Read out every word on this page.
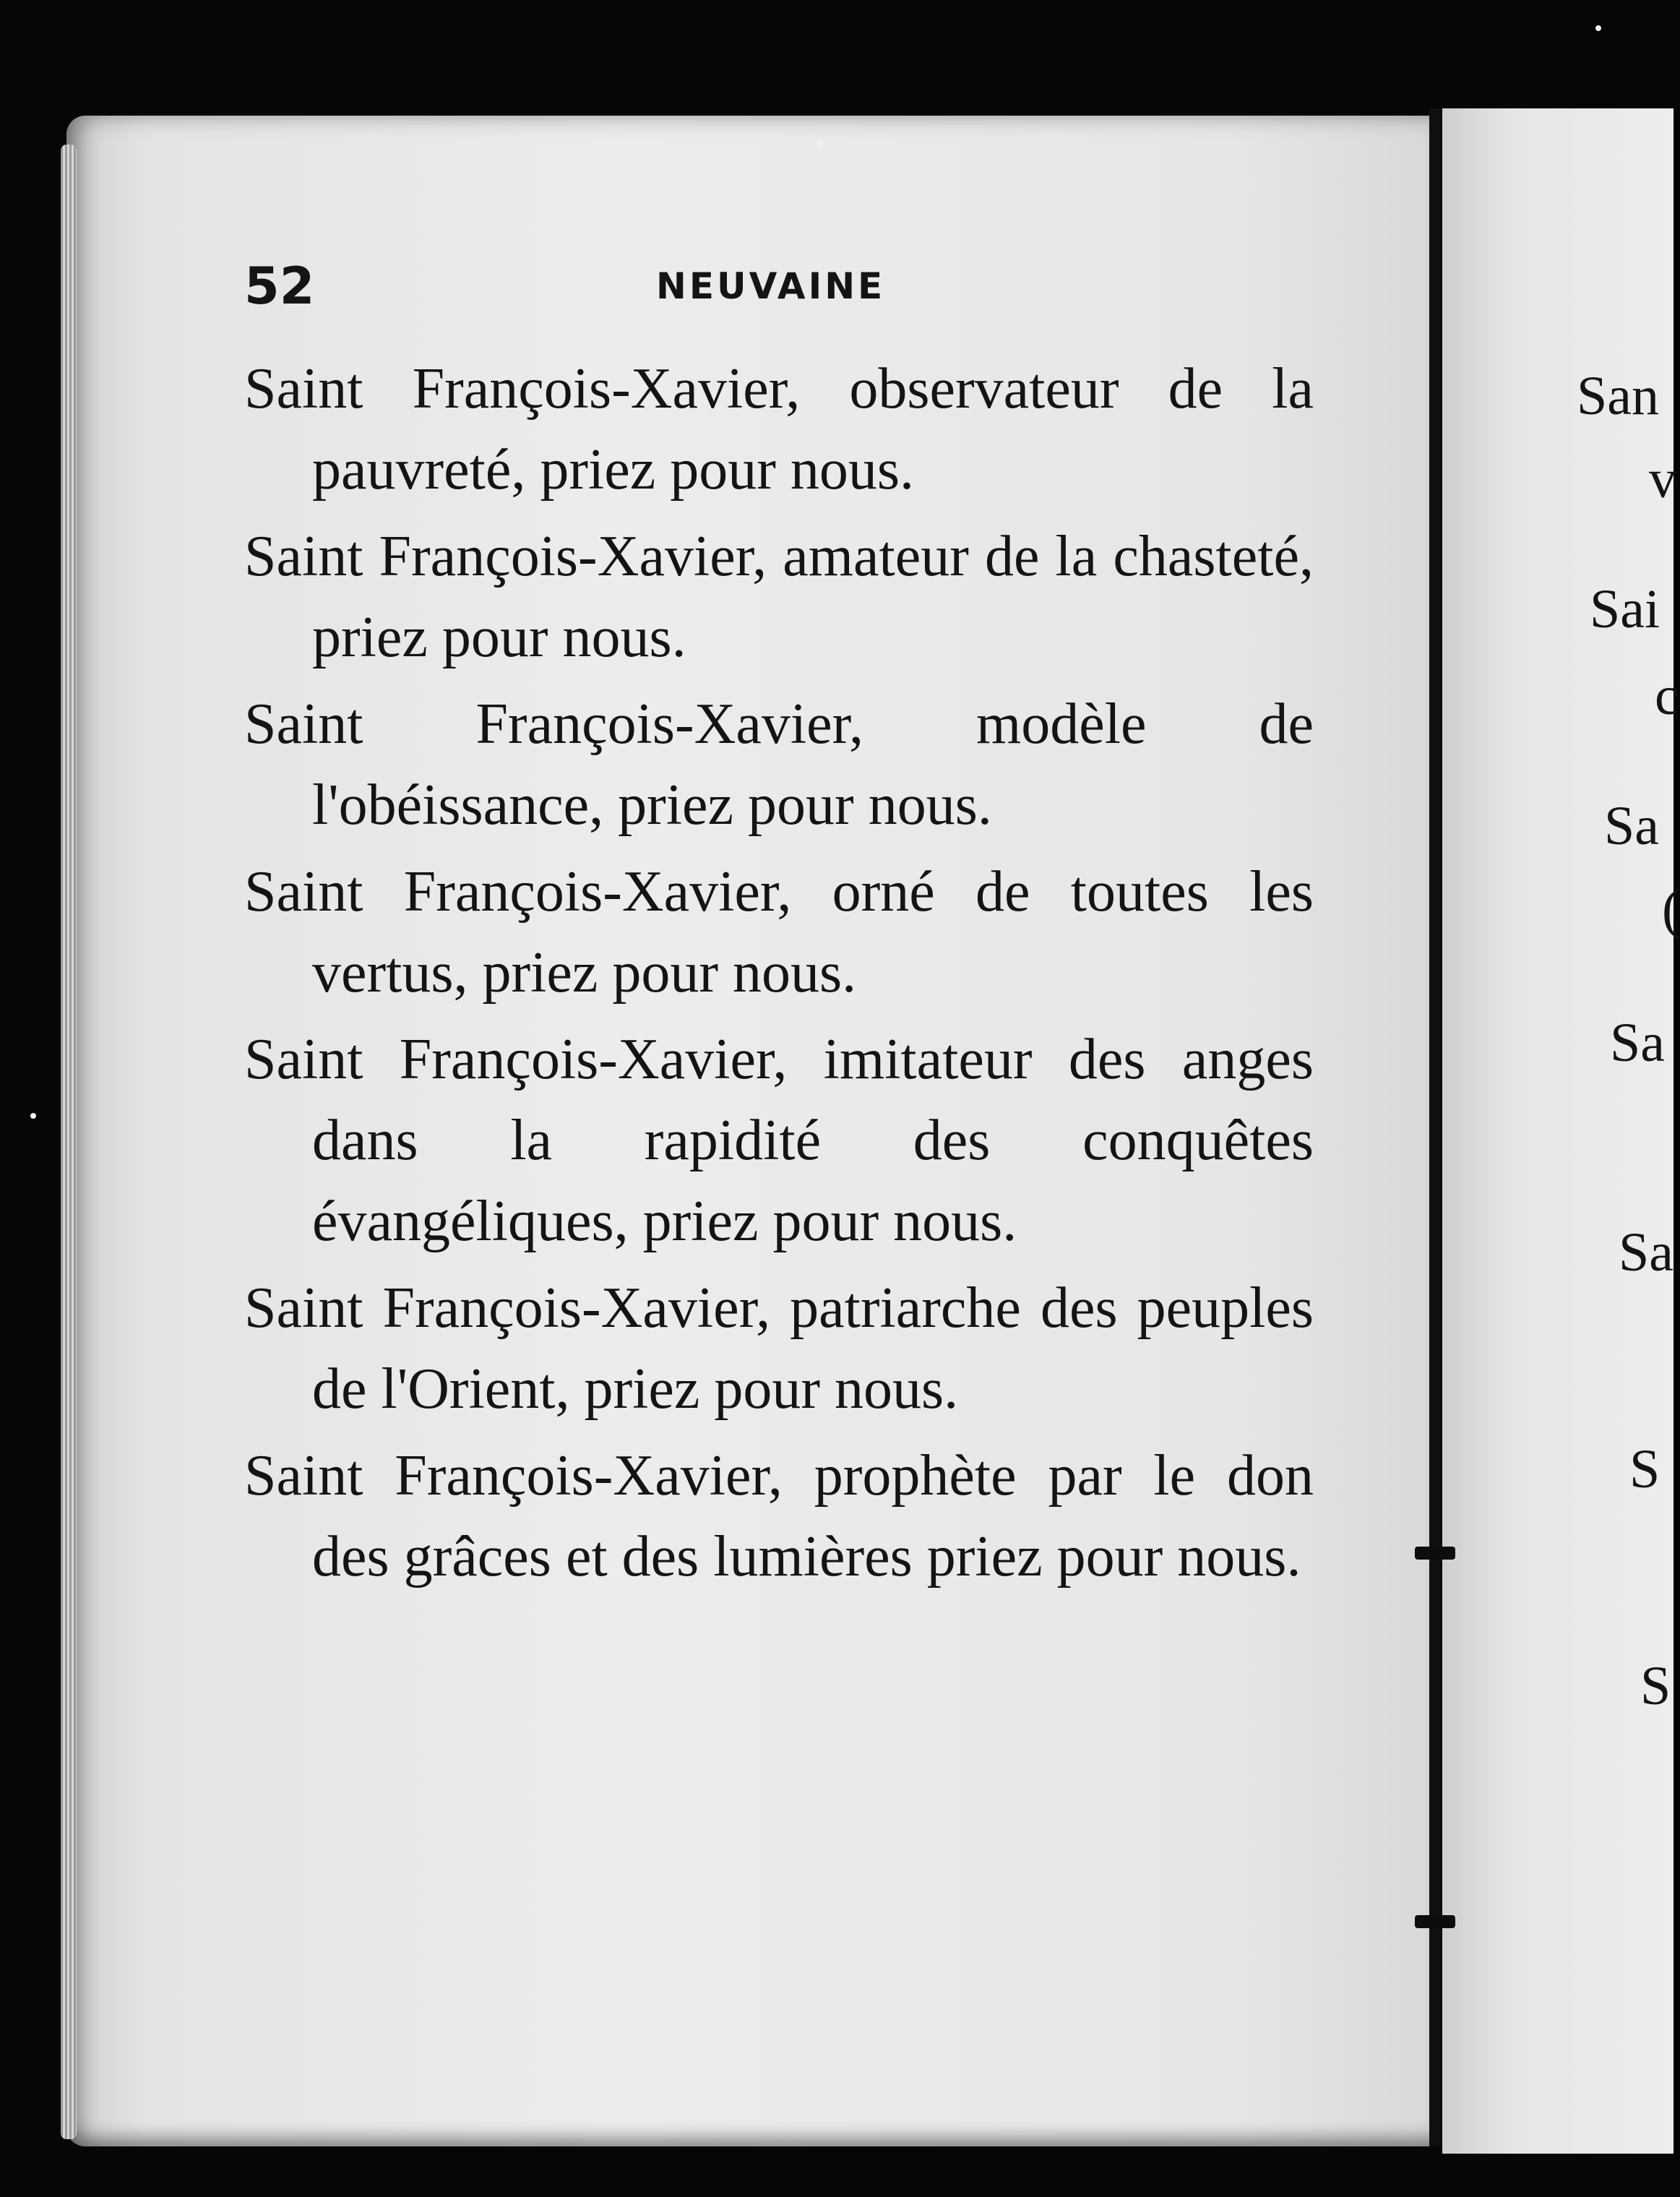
52	NEUVAINE

Saint François-Xavier, observateur de la pauvreté, priez pour nous.

Saint François-Xavier, amateur de la chasteté, priez pour nous.

Saint François-Xavier, modèle de l'obéissance, priez pour nous.

Saint François-Xavier, orné de toutes les vertus, priez pour nous.

Saint François-Xavier, imitateur des anges dans la rapidité des conquêtes évangéliques, priez pour nous.

Saint François-Xavier, patriarche des peuples de l'Orient, priez pour nous.

Saint François-Xavier, prophète par le don des grâces et des lumières priez pour nous.

San
v
Sai
c
Sa
(
Sa
Sa
S
S
